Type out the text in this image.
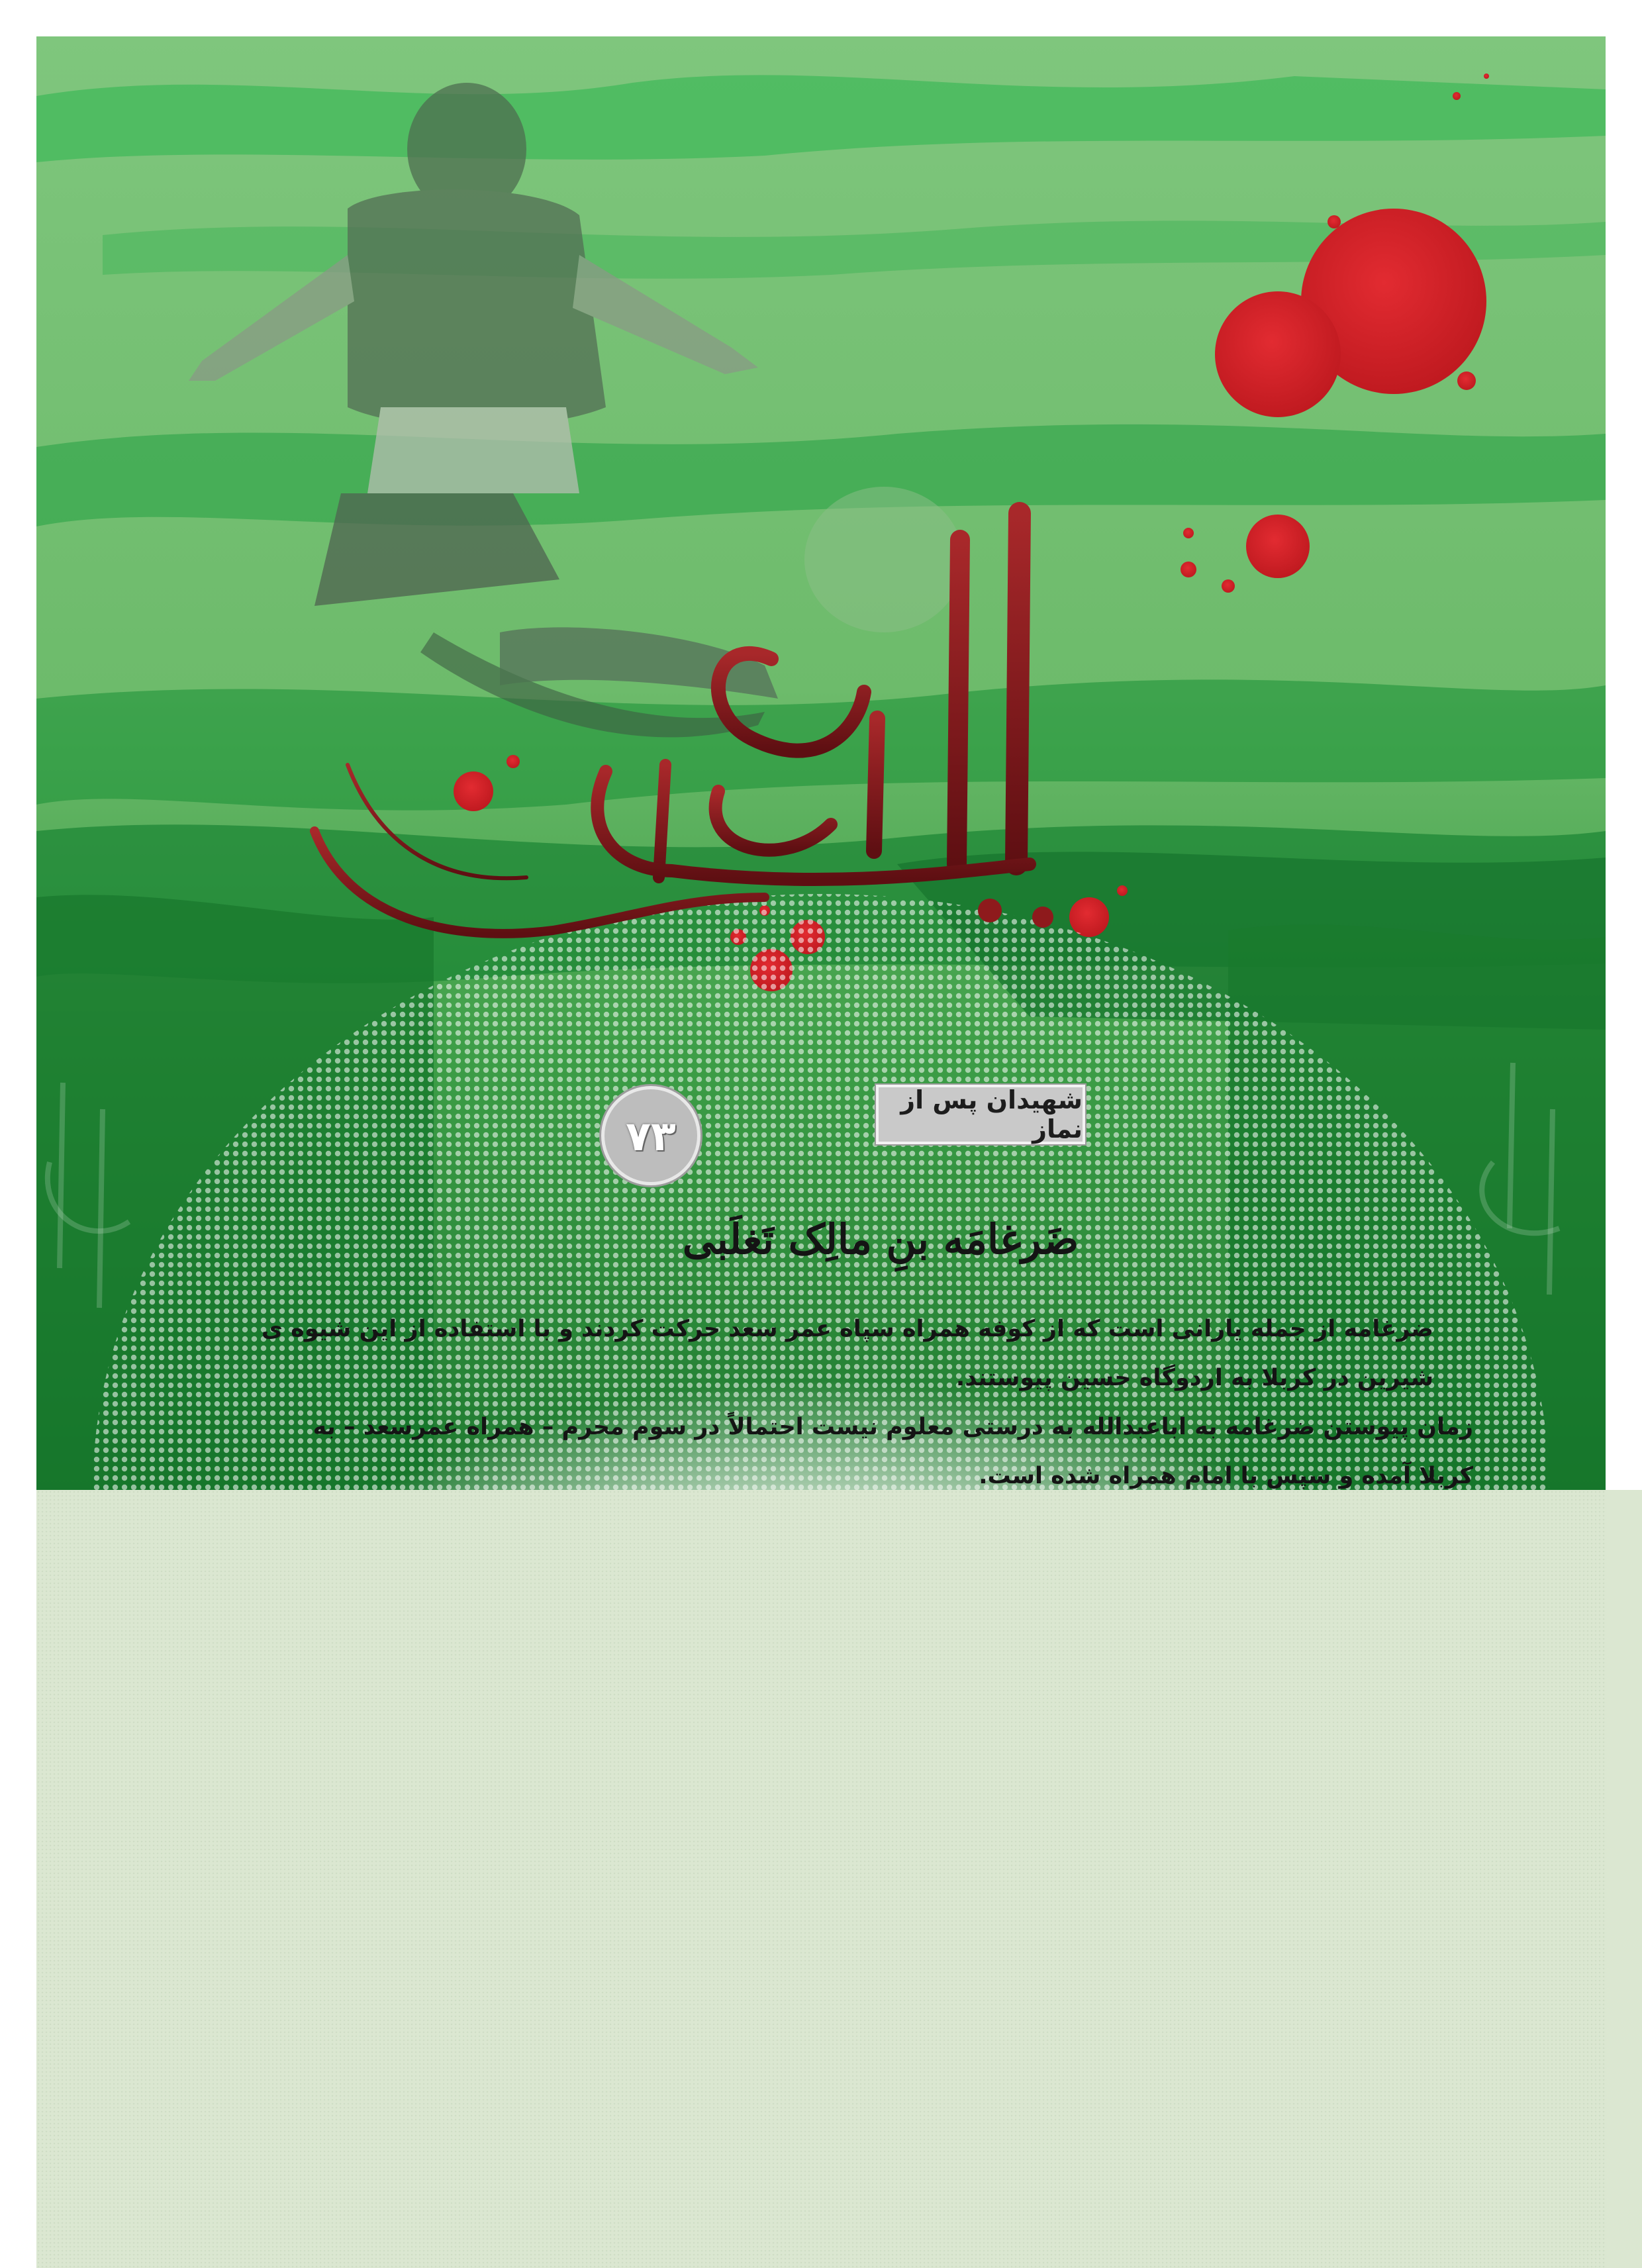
شهیدان پس از نماز
۷۳
ضَرغامَه بنِ مالِک تَغلَبی

ضرغامه از جمله یارانی است که از کوفه همراه سپاه عمر سعد حرکت کردند و با استفاده از این شیوه ی شیرین در کربلا به اردوگاه حسین پیوستند.

زمان پیوستن ضرغامه به اباعبدالله به درستی معلوم نیست احتمالاً در سوم محرم – همراه عمرسعد – به کربلا آمده و سپس با امام همراه شده است.
